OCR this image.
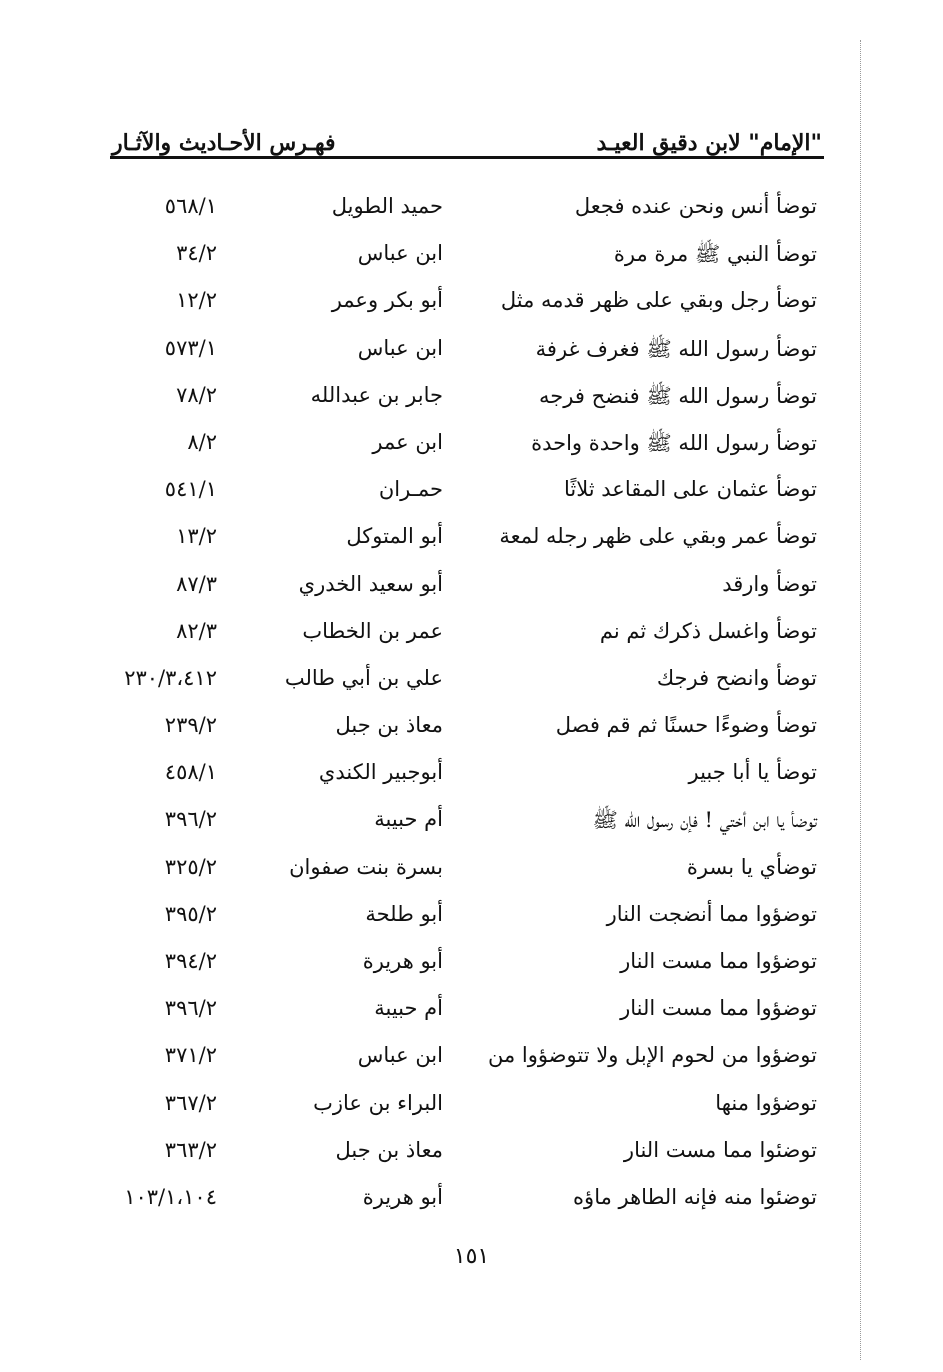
"الإمام" لابن دقيق العيـد
فهـرس الأحـاديث والآثـار
توضأ أنس ونحن عنده فجعل
حميد الطويل
٥٦٨/١
توضأ النبي ﷺ مرة مرة
ابن عباس
٣٤/٢
توضأ رجل وبقي على ظهر قدمه مثل
أبو بكر وعمر
١٢/٢
توضأ رسول الله ﷺ فغرف غرفة
ابن عباس
٥٧٣/١
توضأ رسول الله ﷺ فنضح فرجه
جابر بن عبدالله
٧٨/٢
توضأ رسول الله ﷺ واحدة واحدة
ابن عمر
٨/٢
توضأ عثمان على المقاعد ثلاثًا
حمـران
٥٤١/١
توضأ عمر وبقي على ظهر رجله لمعة
أبو المتوكل
١٣/٢
توضأ وارقد
أبو سعيد الخدري
٨٧/٣
توضأ واغسل ذكرك ثم نم
عمر بن الخطاب
٨٢/٣
توضأ وانضح فرجك
علي بن أبي طالب
٢٣٠/٣،٤١٢
توضأ وضوءًا حسنًا ثم قم فصل
معاذ بن جبل
٢٣٩/٢
توضأ يا أبا جبير
أبوجبير الكندي
٤٥٨/١
توضأ يا ابن أختي ! فإن رسول الله ﷺ
أم حبيبة
٣٩٦/٢
توضأي يا بسرة
بسرة بنت صفوان
٣٢٥/٢
توضؤوا مما أنضجت النار
أبو طلحة
٣٩٥/٢
توضؤوا مما مست النار
أبو هريرة
٣٩٤/٢
توضؤوا مما مست النار
أم حبيبة
٣٩٦/٢
توضؤوا من لحوم الإبل ولا تتوضؤوا من
ابن عباس
٣٧١/٢
توضؤوا منها
البراء بن عازب
٣٦٧/٢
توضئوا مما مست النار
معاذ بن جبل
٣٦٣/٢
توضئوا منه فإنه الطاهر ماؤه
أبو هريرة
١٠٣/١،١٠٤
١٥١
